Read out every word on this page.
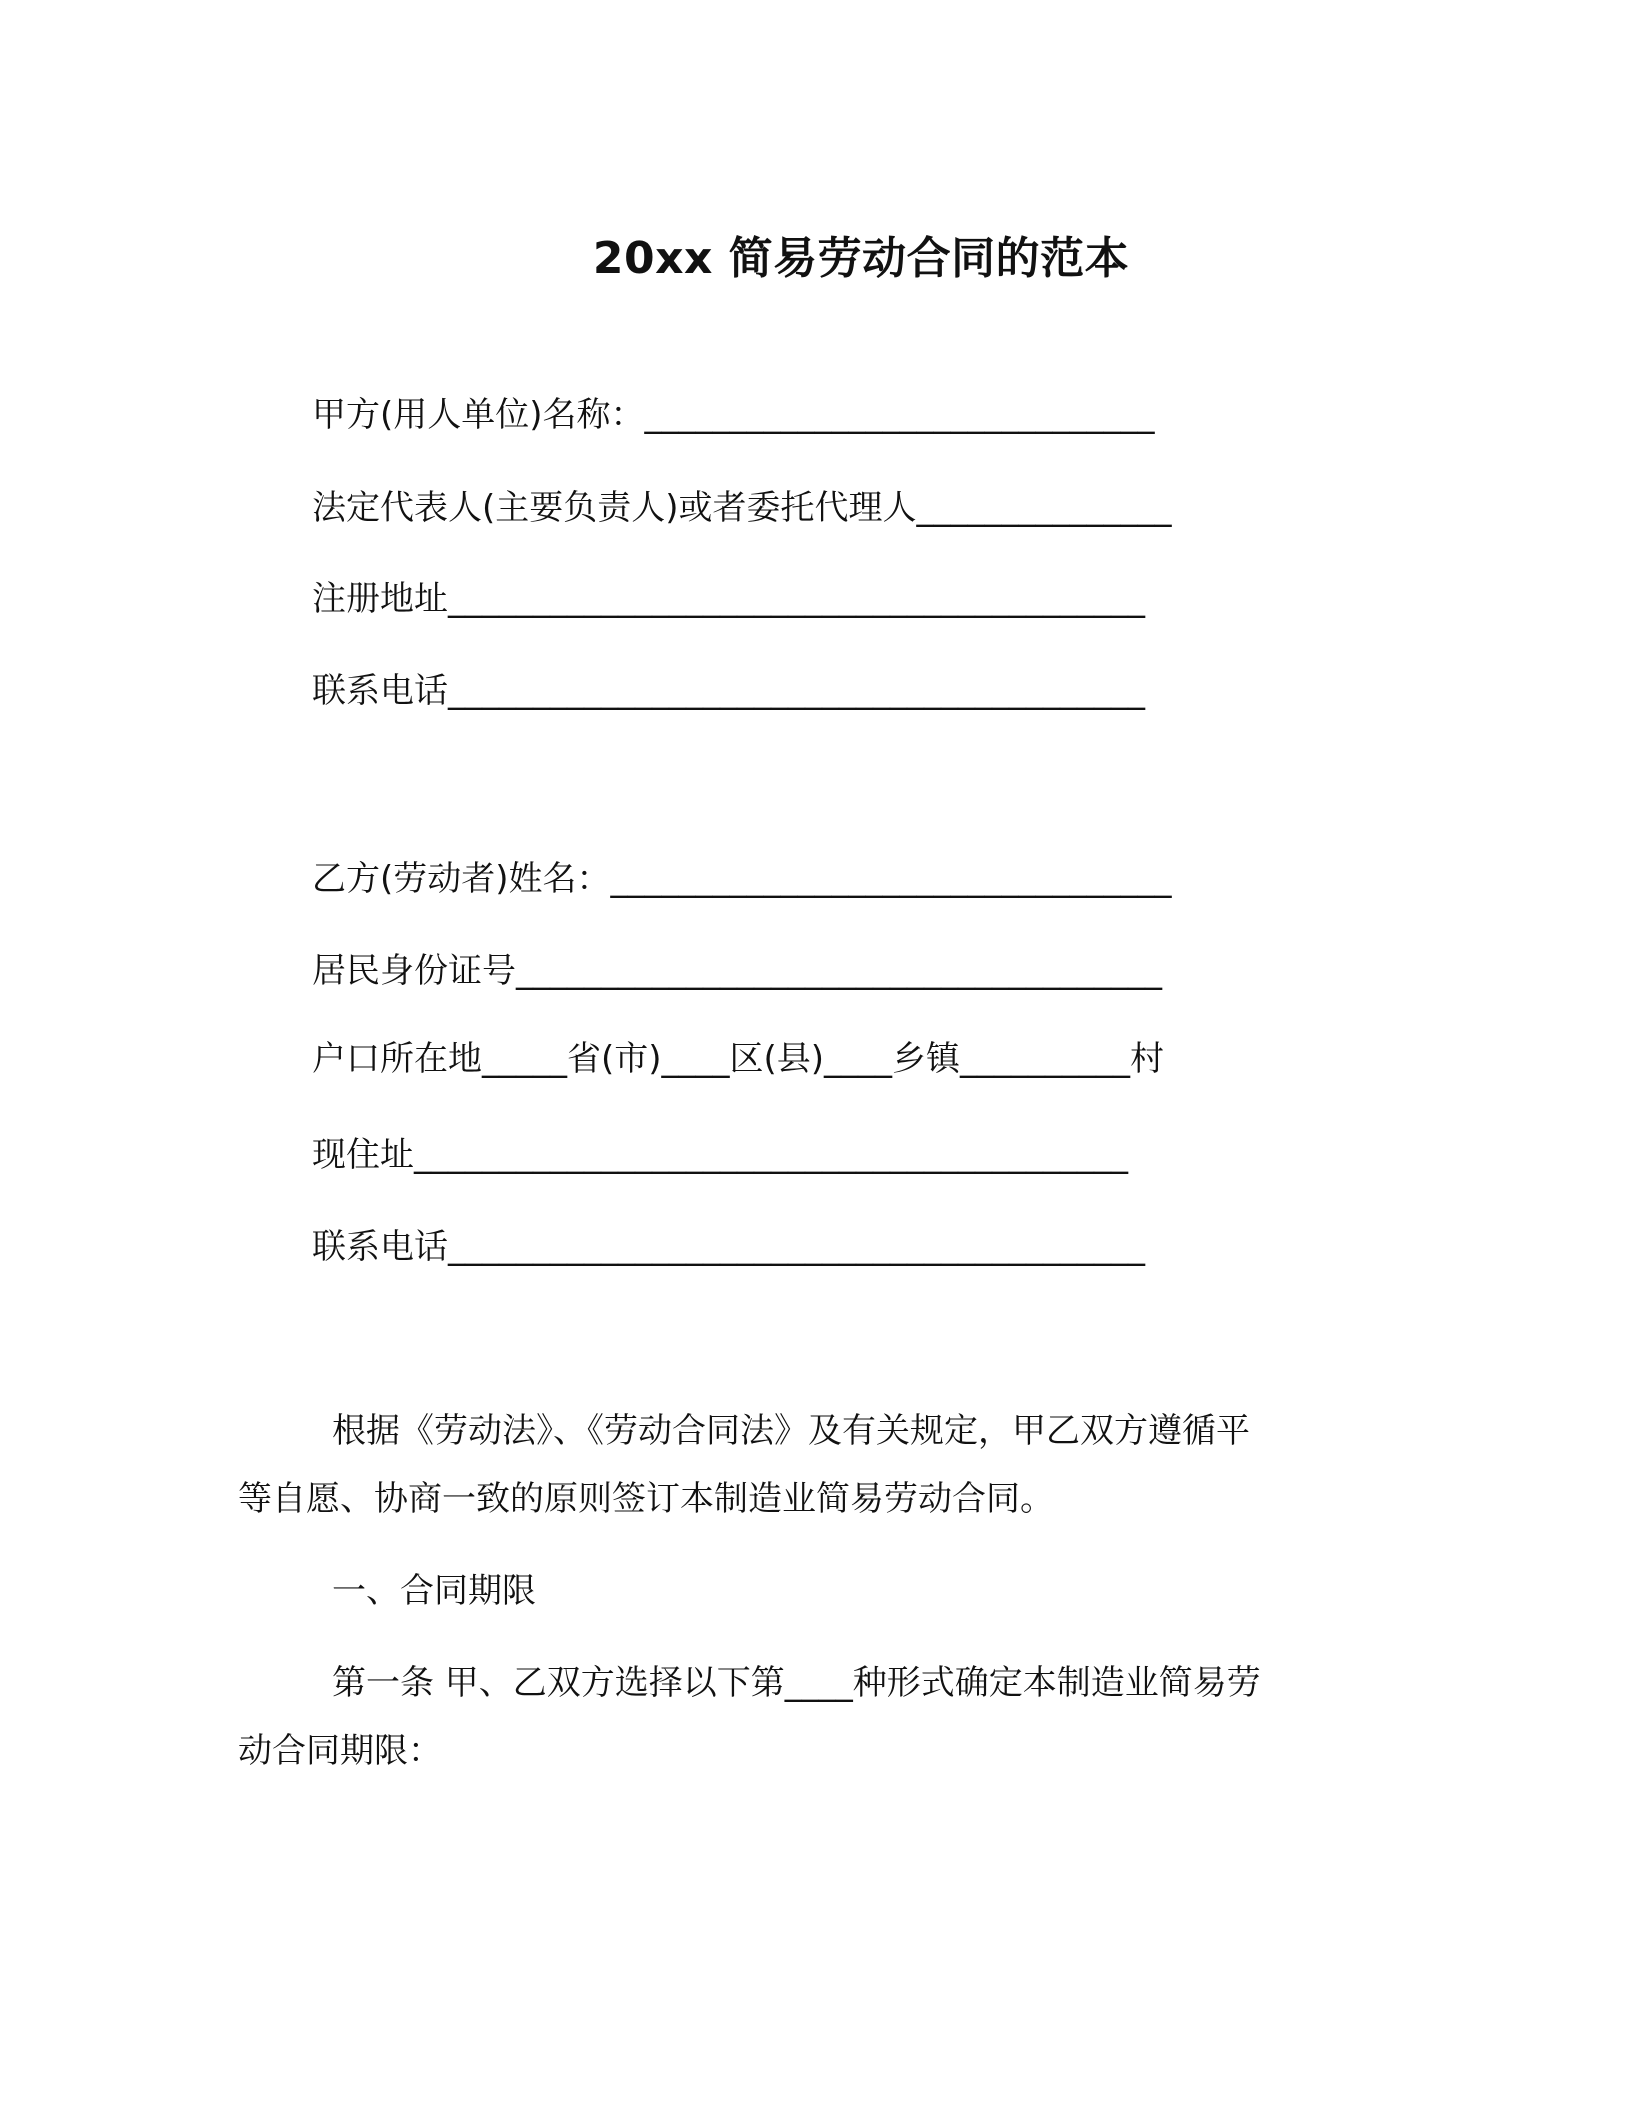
20xx 简易劳动合同的范本
甲方(用人单位)名称：______________________________
法定代表人(主要负责人)或者委托代理人_______________
注册地址_________________________________________
联系电话_________________________________________
乙方(劳动者)姓名：_________________________________
居民身份证号______________________________________
户口所在地_____省(市)____区(县)____乡镇__________村
现住址__________________________________________
联系电话_________________________________________
根据《劳动法》、《劳动合同法》及有关规定，甲乙双方遵循平
等自愿、协商一致的原则签订本制造业简易劳动合同。
一、合同期限
第一条 甲、乙双方选择以下第____种形式确定本制造业简易劳
动合同期限：
